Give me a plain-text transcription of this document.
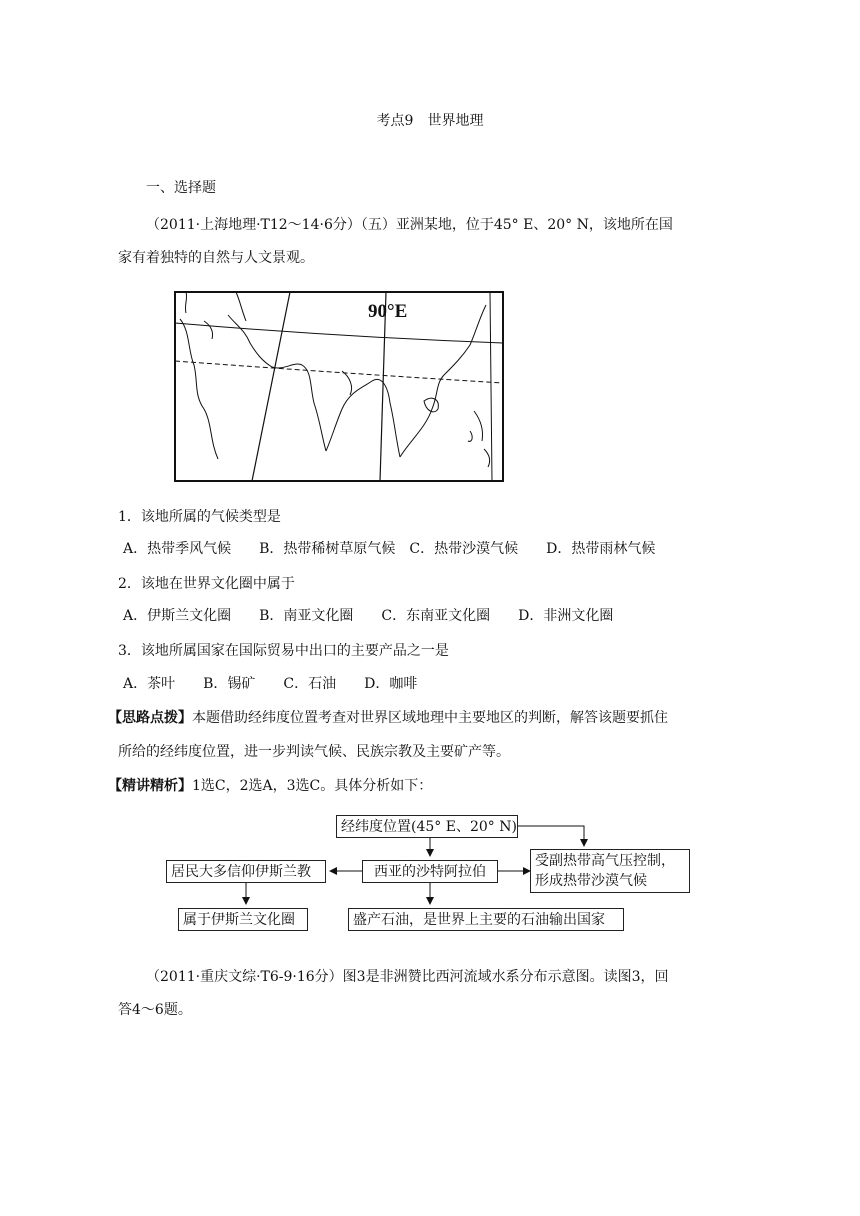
考点9　世界地理
一、选择题
（2011·上海地理·T12～14·6分）（五）亚洲某地，位于45° E、20° N，该地所在国
家有着独特的自然与人文景观。
90°E
1．该地所属的气候类型是
A．热带季风气候　　B．热带稀树草原气候　C．热带沙漠气候　　D．热带雨林气候
2．该地在世界文化圈中属于
A．伊斯兰文化圈　　B．南亚文化圈　　C．东南亚文化圈　　D．非洲文化圈
3．该地所属国家在国际贸易中出口的主要产品之一是
A．茶叶　　B．锡矿　　C．石油　　D．咖啡
【思路点拨】本题借助经纬度位置考查对世界区域地理中主要地区的判断，解答该题要抓住
所给的经纬度位置，进一步判读气候、民族宗教及主要矿产等。
【精讲精析】1选C，2选A，3选C。具体分析如下：
经纬度位置(45° E、20° N)
西亚的沙特阿拉伯
居民大多信仰伊斯兰教
受副热带高气压控制，
形成热带沙漠气候
属于伊斯兰文化圈	盛产石油，是世界上主要的石油输出国家
（2011·重庆文综·T6-9·16分）图3是非洲赞比西河流域水系分布示意图。读图3，回
答4～6题。
